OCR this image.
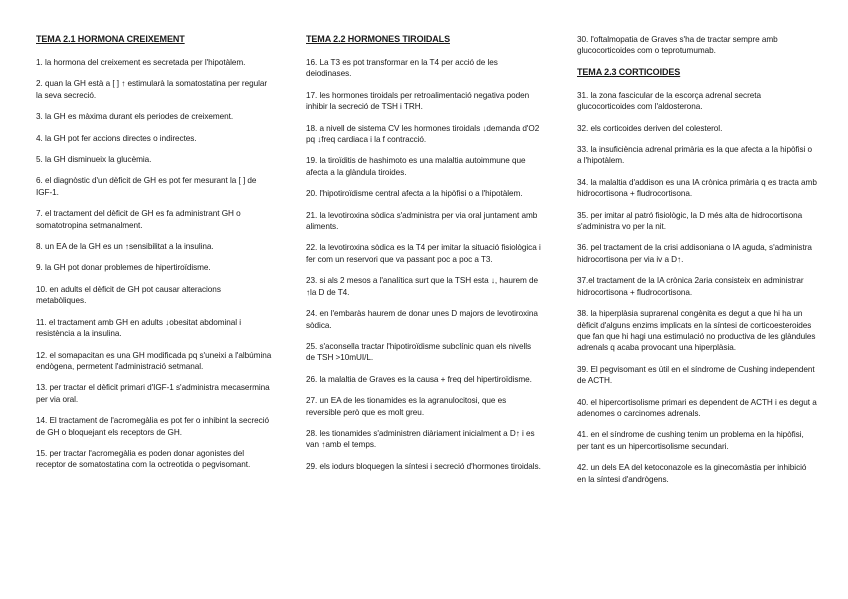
TEMA 2.1 HORMONA CREIXEMENT
1. la hormona del creixement es secretada per l'hipotàlem.
2. quan la GH està a [ ] ↑ estimularà la somatostatina per regular la seva secreció.
3. la GH es màxima durant els periodes de creixement.
4. la GH pot fer accions directes o indirectes.
5. la GH disminueix la glucèmia.
6. el diagnòstic d'un dèficit de GH es pot fer mesurant la [ ] de IGF-1.
7. el tractament del dèficit de GH es fa administrant GH o somatotropina setmanalment.
8. un EA de la GH es un ↑sensibilitat a la insulina.
9. la GH pot donar problemes de hipertiroïdisme.
10. en adults el dèficit de GH pot causar alteracions metabòliques.
11. el tractament amb GH en adults ↓obesitat abdominal i resistència a la insulina.
12. el somapacitan es una GH modificada pq s'uneixi a l'albúmina endògena, permetent l'administració setmanal.
13. per tractar el dèficit primari d'IGF-1 s'administra mecasermina per via oral.
14. El tractament de l'acromegàlia es pot fer o inhibint la secreció de GH o bloquejant els receptors de GH.
15. per tractar l'acromegàlia es poden donar agonistes del receptor de somatostatina com la octreotida o pegvisomant.
TEMA 2.2 HORMONES TIROIDALS
16. La T3 es pot transformar en la T4 per acció de les deiodinases.
17. les hormones tiroidals per retroalimentació negativa poden inhibir la secreció de TSH i TRH.
18. a nivell de sistema CV les hormones tiroidals ↓demanda d'O2 pq ↓freq cardiaca i la f contracció.
19. la tiroïditis de hashimoto es una malaltia autoimmune que afecta a la glàndula tiroides.
20. l'hipotiroïdisme central afecta a la hipòfisi o a l'hipotàlem.
21. la levotiroxina sòdica s'administra per via oral juntament amb aliments.
22. la levotiroxina sòdica es la T4 per imitar la situació fisiològica i fer com un reservori que va passant poc a poc a T3.
23. si als 2 mesos a l'analítica surt que la TSH esta ↓, haurem de ↑la D de T4.
24. en l'embaràs haurem de donar unes D majors de levotiroxina sòdica.
25. s'aconsella tractar l'hipotiroïdisme subclínic quan els nivells de TSH >10mUI/L.
26. la malaltia de Graves es la causa + freq del hipertiroïdisme.
27. un EA de les tionamides es la agranulocitosi, que es reversible però que es molt greu.
28. les tionamides s'administren diàriament inicialment a D↑ i es van ↑amb el temps.
29. els iodurs bloquegen la síntesi i secreció d'hormones tiroidals.
30. l'oftalmopatia de Graves s'ha de tractar sempre amb glucocorticoides com o teprotumumab.
TEMA 2.3 CORTICOIDES
31. la zona fascicular de la escorça adrenal secreta glucocorticoides com l'aldosterona.
32. els corticoides deriven del colesterol.
33. la insuficiència adrenal primària es la que afecta a la hipòfisi o a l'hipotàlem.
34. la malaltia d'addison es una IA crònica primària q es tracta amb hidrocortisona + fludrocortisona.
35. per imitar al patró fisiològic, la D més alta de hidrocortisona s'administra vo per la nit.
36. pel tractament de la crisi addisoniana o IA aguda, s'administra hidrocortisona per via iv a D↑.
37.el tractament de la IA crònica 2aria consisteix en administrar hidrocortisona + fludrocortisona.
38. la hiperplàsia suprarenal congènita es degut a que hi ha un dèficit d'alguns enzims implicats en la síntesi de corticoesteroides que fan que hi hagi una estimulació no productiva de les glàndules adrenals q acaba provocant una hiperplàsia.
39. El pegvisomant es útil en el síndrome de Cushing independent de ACTH.
40. el hipercortisolisme primari es dependent de ACTH i es degut a adenomes o carcinomes adrenals.
41. en el síndrome de cushing tenim un problema en la hipòfisi, per tant es un hipercortisolisme secundari.
42. un dels EA del ketoconazole es la ginecomàstia per inhibició en la síntesi d'andrògens.
